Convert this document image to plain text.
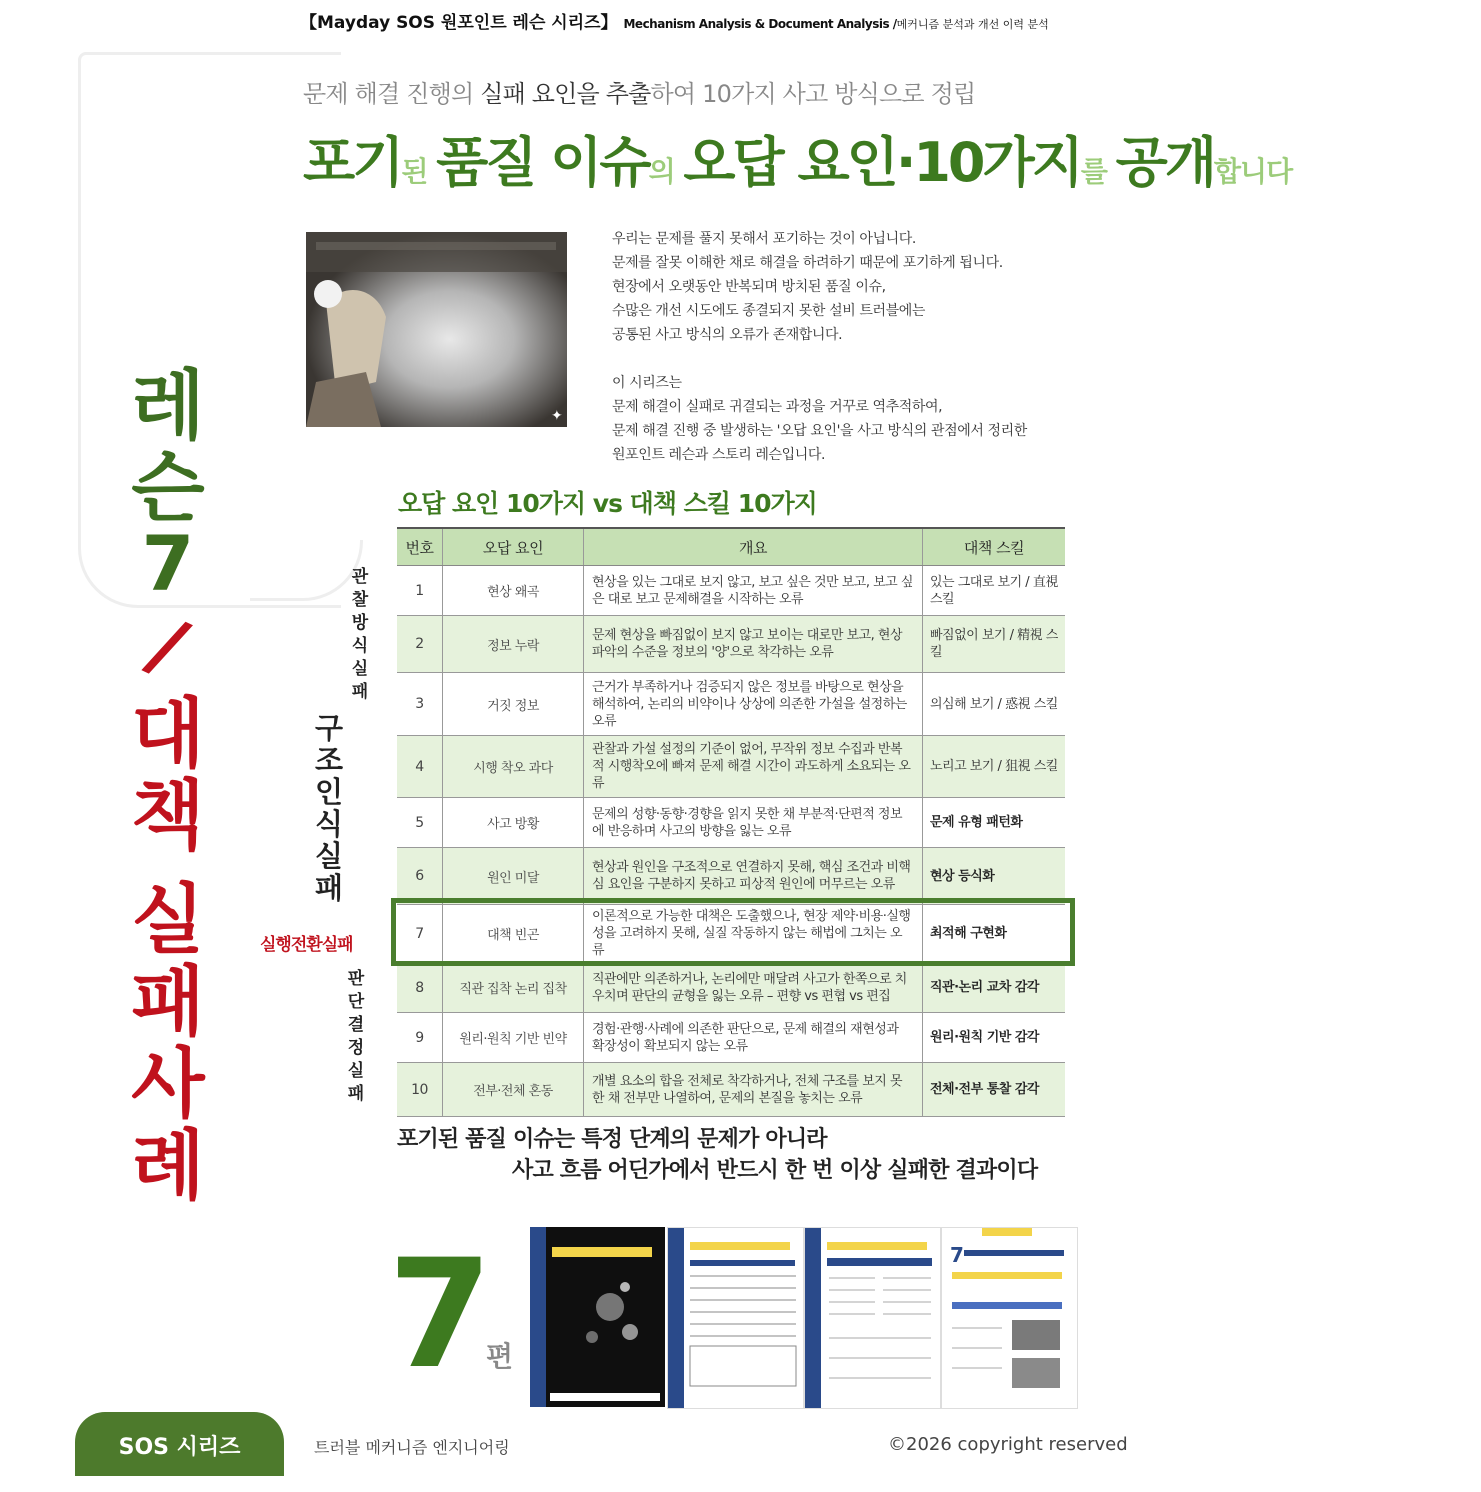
【Mayday SOS 원포인트 레슨 시리즈】 Mechanism Analysis & Document Analysis /메커니즘 분석과 개선 이력 분석
문제 해결 진행의 실패 요인을 추출하여 10가지 사고 방식으로 정립
포기된 품질 이슈의 오답 요인·10가지를 공개합니다
✦

우리는 문제를 풀지 못해서 포기하는 것이 아닙니다.

문제를 잘못 이해한 채로 해결을 하려하기 때문에 포기하게 됩니다.

현장에서 오랫동안 반복되며 방치된 품질 이슈,

수많은 개선 시도에도 종결되지 못한 설비 트러블에는

공통된 사고 방식의 오류가 존재합니다.

이 시리즈는

문제 해결이 실패로 귀결되는 과정을 거꾸로 역추적하여,

문제 해결 진행 중 발생하는 '오답 요인'을 사고 방식의 관점에서 정리한

원포인트 레슨과 스토리 레슨입니다.

레
슨
7
/
대
책
실
패
사
례
오답 요인 10가지 vs 대책 스킬 10가지
번호	오답 요인	개요	대책 스킬
1	현상 왜곡	현상을 있는 그대로 보지 않고, 보고 싶은 것만 보고, 보고 싶은 대로 보고 문제해결을 시작하는 오류	있는 그대로 보기 / 直視 스킬
2	정보 누락	문제 현상을 빠짐없이 보지 않고 보이는 대로만 보고, 현상 파악의 수준을 정보의 '양'으로 착각하는 오류	빠짐없이 보기 / 精視 스킬
3	거짓 정보	근거가 부족하거나 검증되지 않은 정보를 바탕으로 현상을 해석하여, 논리의 비약이나 상상에 의존한 가설을 설정하는 오류	의심해 보기 / 惑視 스킬
4	시행 착오 과다	관찰과 가설 설정의 기준이 없어, 무작위 정보 수집과 반복적 시행착오에 빠져 문제 해결 시간이 과도하게 소요되는 오류	노리고 보기 / 狙視 스킬
5	사고 방황	문제의 성향·동향·경향을 읽지 못한 채 부분적·단편적 정보에 반응하며 사고의 방향을 잃는 오류	문제 유형 패턴화
6	원인 미달	현상과 원인을 구조적으로 연결하지 못해, 핵심 조건과 비핵심 요인을 구분하지 못하고 피상적 원인에 머무르는 오류	현상 등식화
7	대책 빈곤	이론적으로 가능한 대책은 도출했으나, 현장 제약·비용·실행성을 고려하지 못해, 실질 작동하지 않는 해법에 그치는 오류	최적해 구현화
8	직관 집착 논리 집착	직관에만 의존하거나, 논리에만 매달려 사고가 한쪽으로 치우치며 판단의 균형을 잃는 오류 – 편향 vs 편협 vs 편집	직관·논리 교차 감각
9	원리·원칙 기반 빈약	경험·관행·사례에 의존한 판단으로, 문제 해결의 재현성과 확장성이 확보되지 않는 오류	원리·원칙 기반 감각
10	전부·전체 혼동	개별 요소의 합을 전체로 착각하거나, 전체 구조를 보지 못한 채 전부만 나열하여, 문제의 본질을 놓치는 오류	전체·전부 통찰 감각
관
찰
방
식
실
패
구
조
인
식
실
패
실행전환실패
판
단
결
정
실
패
포기된 품질 이슈는 특정 단계의 문제가 아니라
사고 흐름 어딘가에서 반드시 한 번 이상 실패한 결과이다
7
편
7
SOS 시리즈	트러블 메커니즘 엔지니어링	©2026 copyright reserved
